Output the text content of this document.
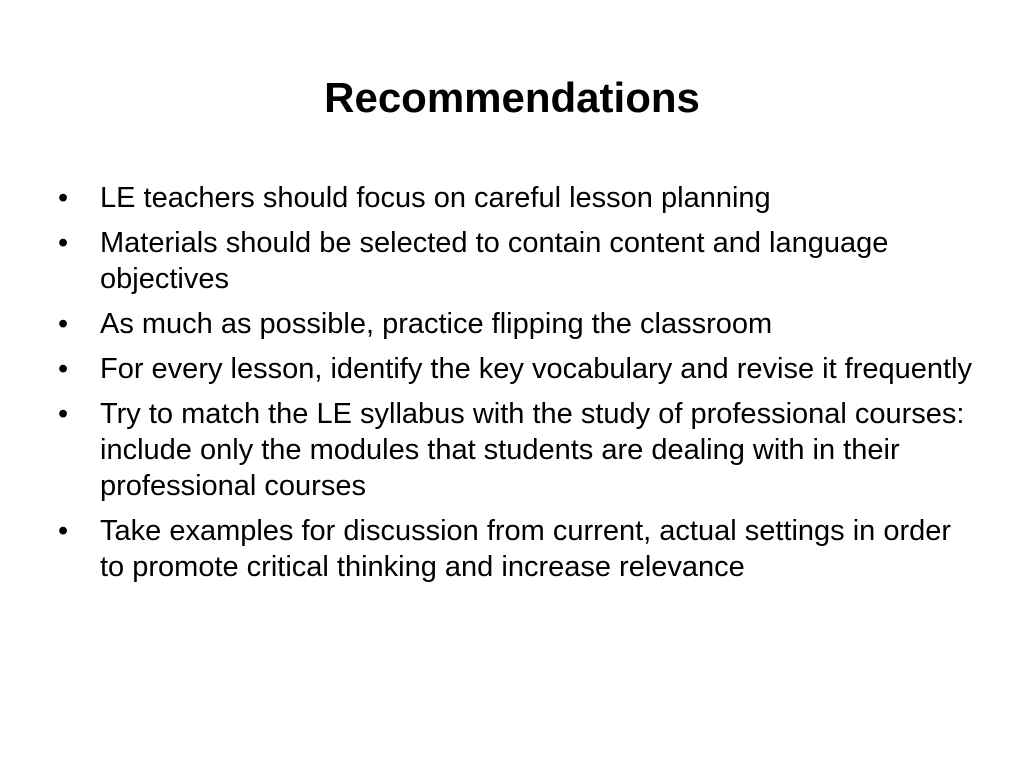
Recommendations
•	LE teachers should focus on careful lesson planning
•	Materials should be selected to contain content and language objectives
•	As much as possible, practice flipping the classroom
•	For every lesson, identify the key vocabulary and revise it frequently
•	Try to match the LE syllabus with the study of professional courses: include only the modules that students are dealing with in their professional courses
•	Take examples for discussion from current, actual settings in order to promote critical thinking and increase relevance
